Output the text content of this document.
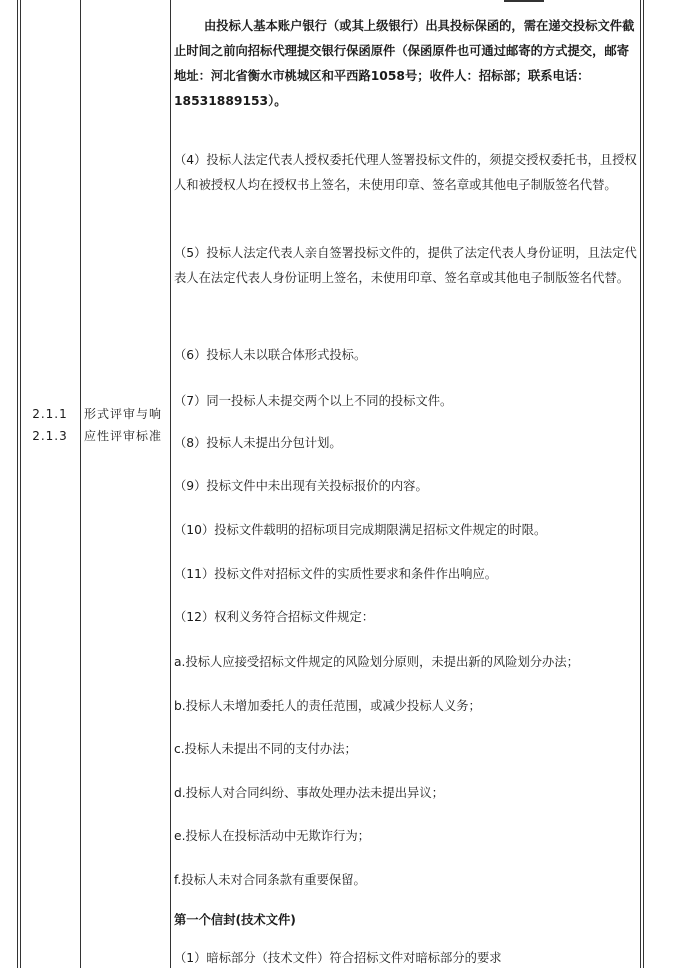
2.1.1
2.1.3
形式评审与响应性评审标准

由投标人基本账户银行（或其上级银行）出具投标保函的，需在递交投标文件截止时间之前向招标代理提交银行保函原件（保函原件也可通过邮寄的方式提交，邮寄地址：河北省衡水市桃城区和平西路1058号；收件人：招标部；联系电话：18531889153）。

（4）投标人法定代表人授权委托代理人签署投标文件的，须提交授权委托书，且授权人和被授权人均在授权书上签名，未使用印章、签名章或其他电子制版签名代替。

（5）投标人法定代表人亲自签署投标文件的，提供了法定代表人身份证明，且法定代表人在法定代表人身份证明上签名，未使用印章、签名章或其他电子制版签名代替。

（6）投标人未以联合体形式投标。

（7）同一投标人未提交两个以上不同的投标文件。

（8）投标人未提出分包计划。

（9）投标文件中未出现有关投标报价的内容。

（10）投标文件载明的招标项目完成期限满足招标文件规定的时限。

（11）投标文件对招标文件的实质性要求和条件作出响应。

（12）权利义务符合招标文件规定：

a.投标人应接受招标文件规定的风险划分原则，未提出新的风险划分办法；

b.投标人未增加委托人的责任范围，或减少投标人义务；

c.投标人未提出不同的支付办法；

d.投标人对合同纠纷、事故处理办法未提出异议；

e.投标人在投标活动中无欺诈行为；

f.投标人未对合同条款有重要保留。

第一个信封(技术文件)

（1）暗标部分（技术文件）符合招标文件对暗标部分的要求
